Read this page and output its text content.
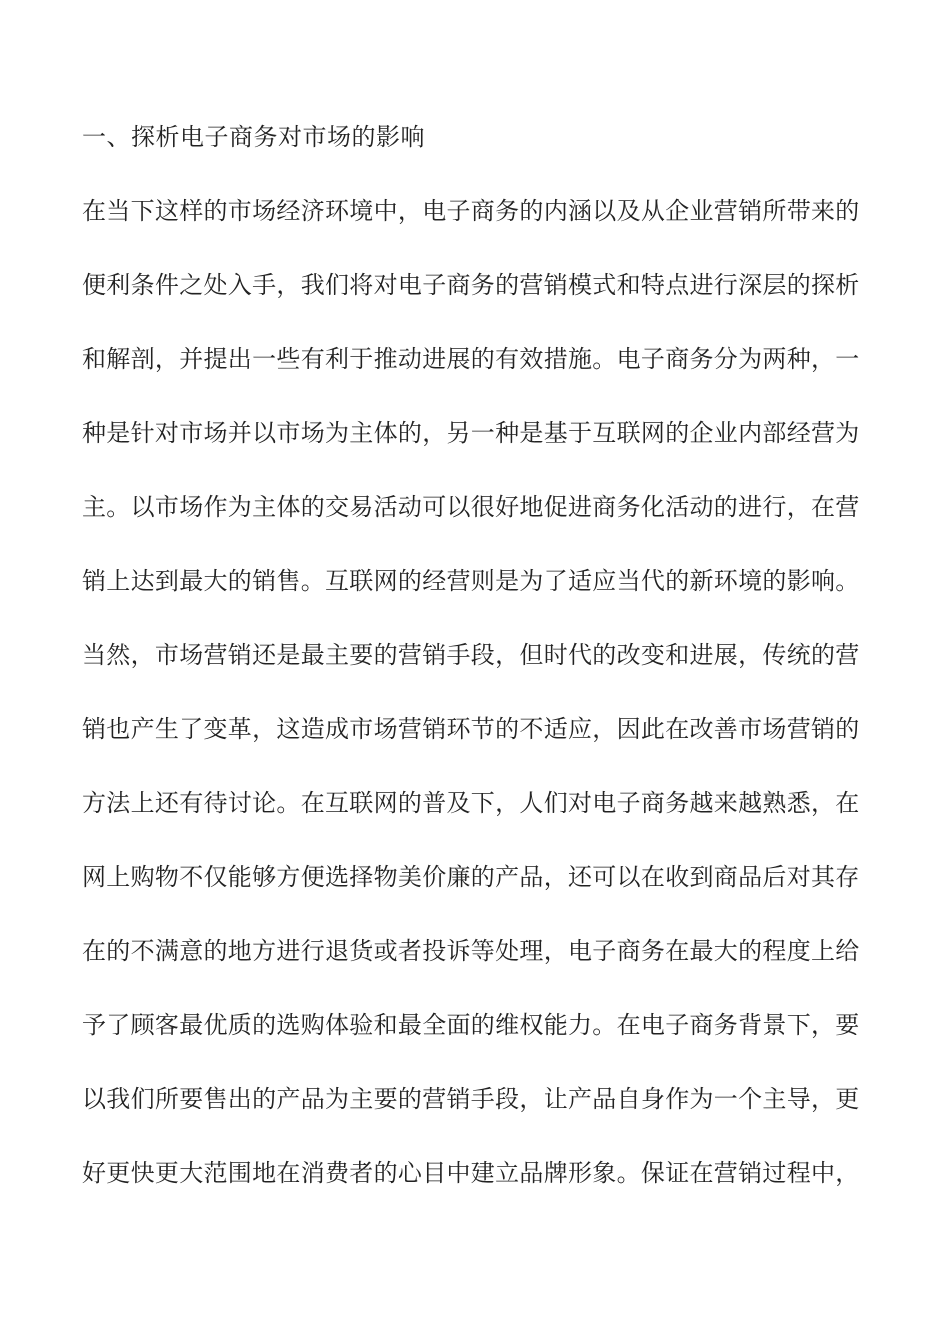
一、探析电子商务对市场的影响
在当下这样的市场经济环境中，电子商务的内涵以及从企业营销所带来的
便利条件之处入手，我们将对电子商务的营销模式和特点进行深层的探析
和解剖，并提出一些有利于推动进展的有效措施。电子商务分为两种，一
种是针对市场并以市场为主体的，另一种是基于互联网的企业内部经营为
主。以市场作为主体的交易活动可以很好地促进商务化活动的进行，在营
销上达到最大的销售。互联网的经营则是为了适应当代的新环境的影响。
当然，市场营销还是最主要的营销手段，但时代的改变和进展，传统的营
销也产生了变革，这造成市场营销环节的不适应，因此在改善市场营销的
方法上还有待讨论。在互联网的普及下，人们对电子商务越来越熟悉，在
网上购物不仅能够方便选择物美价廉的产品，还可以在收到商品后对其存
在的不满意的地方进行退货或者投诉等处理，电子商务在最大的程度上给
予了顾客最优质的选购体验和最全面的维权能力。在电子商务背景下，要
以我们所要售出的产品为主要的营销手段，让产品自身作为一个主导，更
好更快更大范围地在消费者的心目中建立品牌形象。保证在营销过程中，
